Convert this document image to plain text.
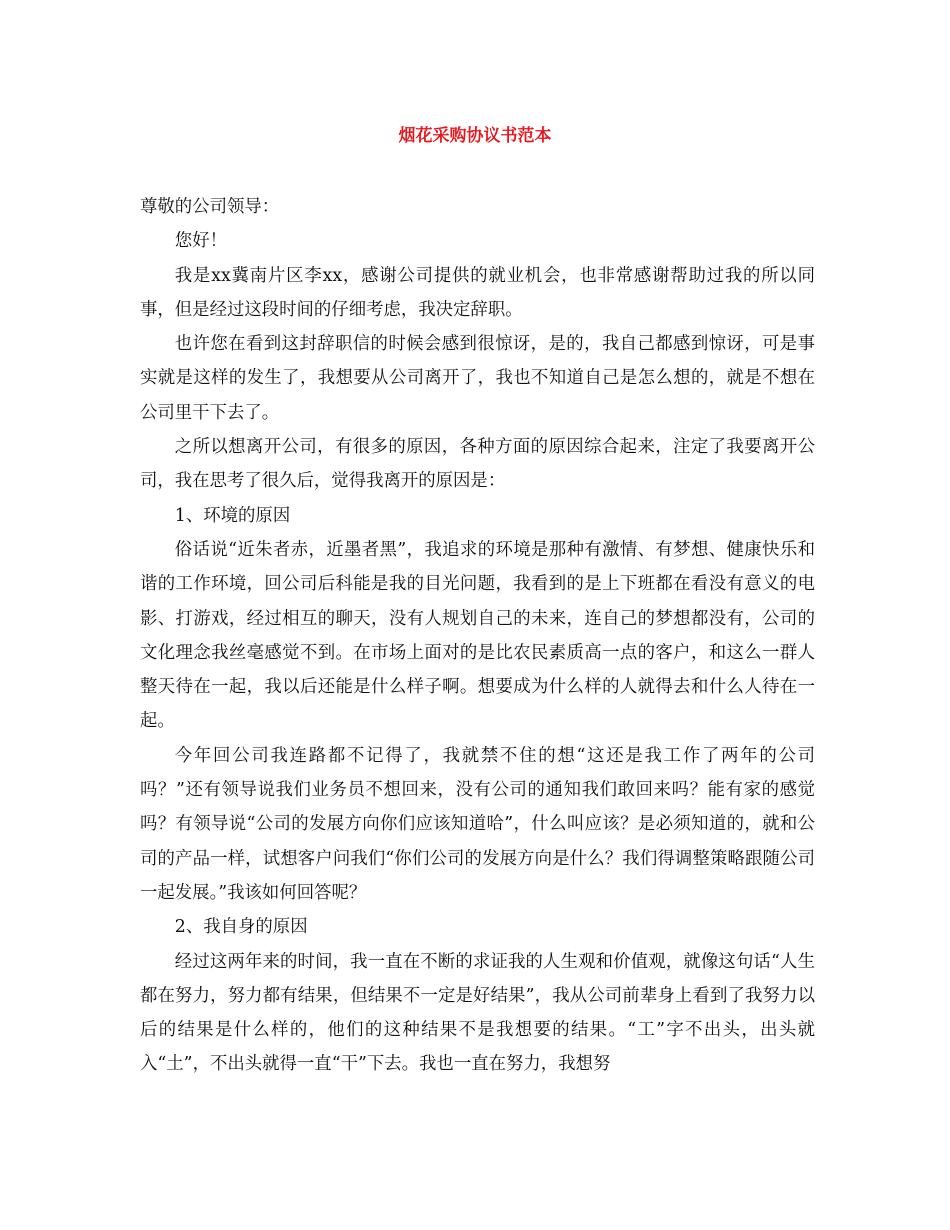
烟花采购协议书范本

尊敬的公司领导：

您好！

我是xx冀南片区李xx，感谢公司提供的就业机会，也非常感谢帮助过我的所以同事，但是经过这段时间的仔细考虑，我决定辞职。

也许您在看到这封辞职信的时候会感到很惊讶，是的，我自己都感到惊讶，可是事实就是这样的发生了，我想要从公司离开了，我也不知道自己是怎么想的，就是不想在公司里干下去了。

之所以想离开公司，有很多的原因，各种方面的原因综合起来，注定了我要离开公司，我在思考了很久后，觉得我离开的原因是：

1、环境的原因

俗话说“近朱者赤，近墨者黑”，我追求的环境是那种有激情、有梦想、健康快乐和谐的工作环境，回公司后科能是我的目光问题，我看到的是上下班都在看没有意义的电影、打游戏，经过相互的聊天，没有人规划自己的未来，连自己的梦想都没有，公司的文化理念我丝毫感觉不到。在市场上面对的是比农民素质高一点的客户，和这么一群人整天待在一起，我以后还能是什么样子啊。想要成为什么样的人就得去和什么人待在一起。

今年回公司我连路都不记得了，我就禁不住的想“这还是我工作了两年的公司吗？”还有领导说我们业务员不想回来，没有公司的通知我们敢回来吗？能有家的感觉吗？有领导说“公司的发展方向你们应该知道哈”，什么叫应该？是必须知道的，就和公司的产品一样，试想客户问我们“你们公司的发展方向是什么？我们得调整策略跟随公司一起发展。”我该如何回答呢？

2、我自身的原因

经过这两年来的时间，我一直在不断的求证我的人生观和价值观，就像这句话“人生都在努力，努力都有结果，但结果不一定是好结果”，我从公司前辈身上看到了我努力以后的结果是什么样的，他们的这种结果不是我想要的结果。“工”字不出头，出头就入“土”，不出头就得一直“干”下去。我也一直在努力，我想努
